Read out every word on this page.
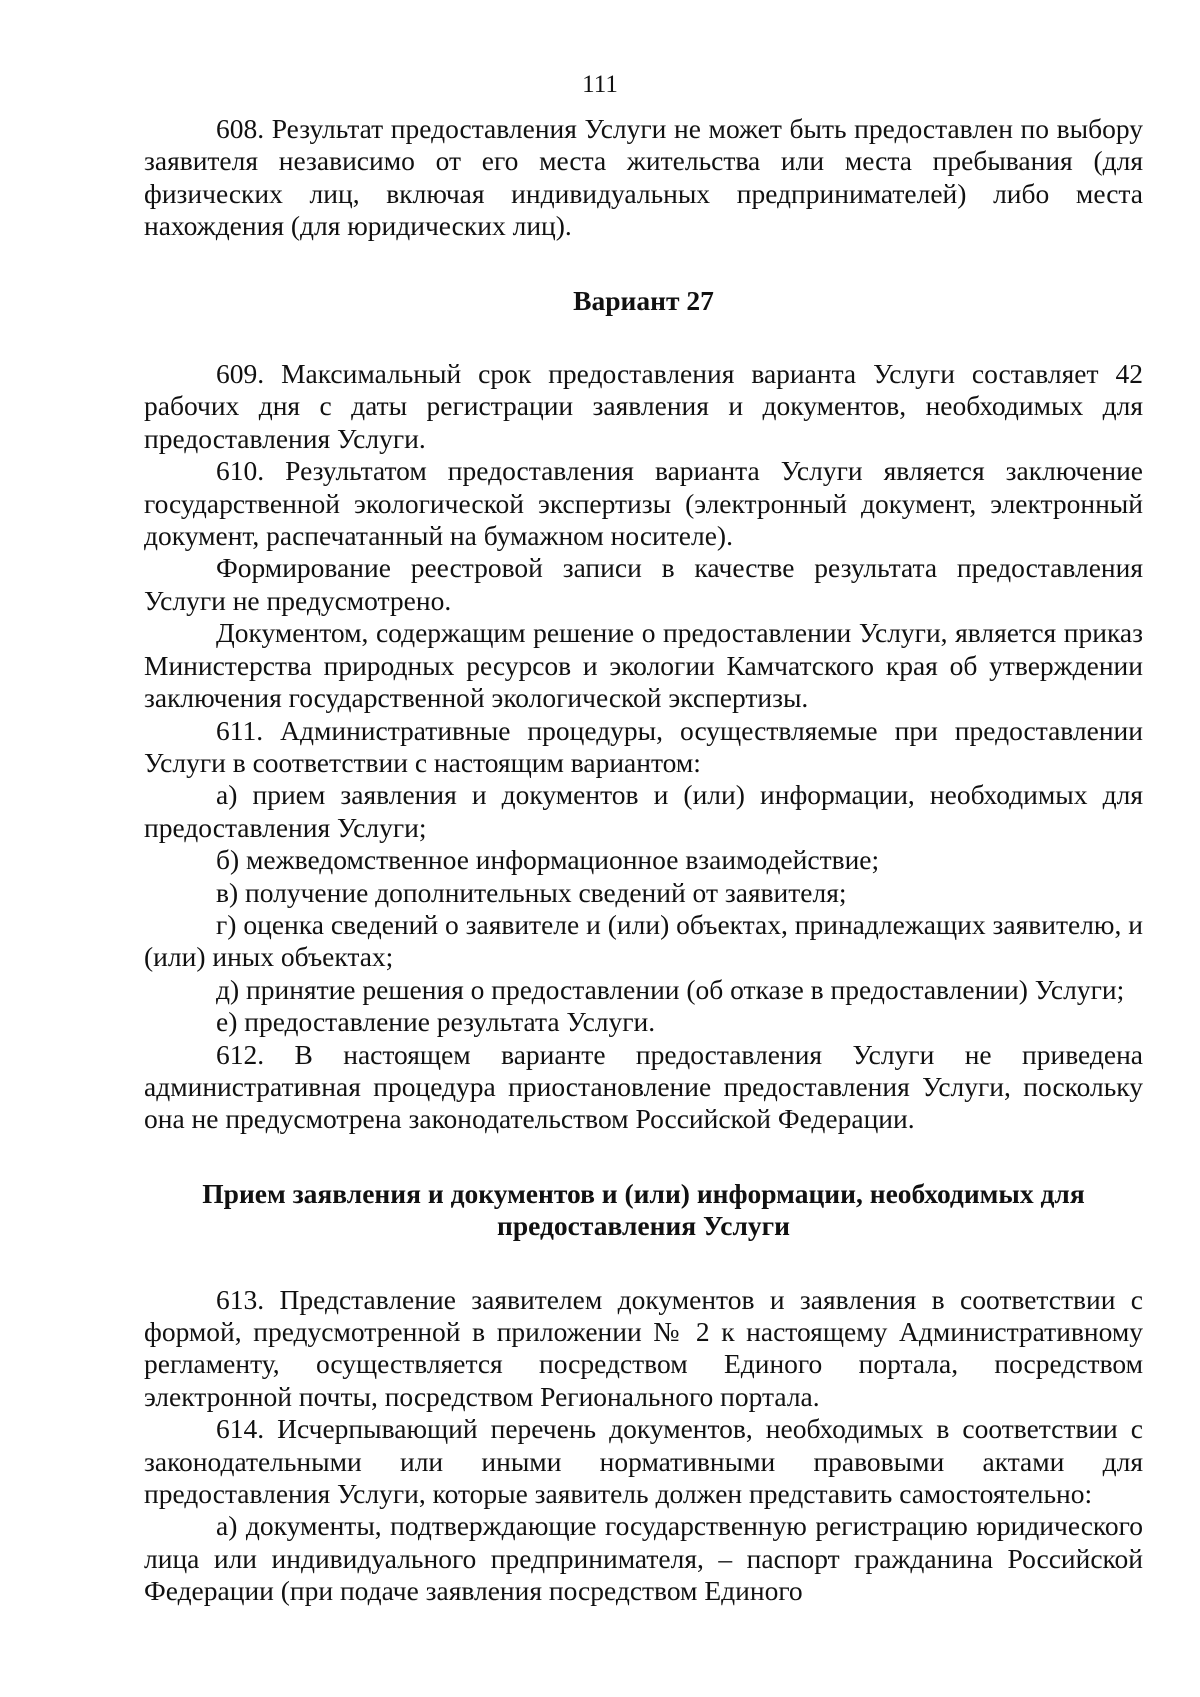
111

608. Результат предоставления Услуги не может быть предоставлен по выбору заявителя независимо от его места жительства или места пребывания (для физических лиц, включая индивидуальных предпринимателей) либо места нахождения (для юридических лиц).

Вариант 27

609. Максимальный срок предоставления варианта Услуги составляет 42 рабочих дня с даты регистрации заявления и документов, необходимых для предоставления Услуги.

610. Результатом предоставления варианта Услуги является заключение государственной экологической экспертизы (электронный документ, электронный документ, распечатанный на бумажном носителе).

Формирование реестровой записи в качестве результата предоставления Услуги не предусмотрено.

Документом, содержащим решение о предоставлении Услуги, является приказ Министерства природных ресурсов и экологии Камчатского края об утверждении заключения государственной экологической экспертизы.

611. Административные процедуры, осуществляемые при предоставлении Услуги в соответствии с настоящим вариантом:

а) прием заявления и документов и (или) информации, необходимых для предоставления Услуги;

б) межведомственное информационное взаимодействие;

в) получение дополнительных сведений от заявителя;

г) оценка сведений о заявителе и (или) объектах, принадлежащих заявителю, и (или) иных объектах;

д) принятие решения о предоставлении (об отказе в предоставлении) Услуги;

е) предоставление результата Услуги.

612. В настоящем варианте предоставления Услуги не приведена административная процедура приостановление предоставления Услуги, поскольку она не предусмотрена законодательством Российской Федерации.

Прием заявления и документов и (или) информации, необходимых для предоставления Услуги

613. Представление заявителем документов и заявления в соответствии с формой, предусмотренной в приложении № 2 к настоящему Административному регламенту, осуществляется посредством Единого портала, посредством электронной почты, посредством Регионального портала.

614. Исчерпывающий перечень документов, необходимых в соответствии с законодательными или иными нормативными правовыми актами для предоставления Услуги, которые заявитель должен представить самостоятельно:

а) документы, подтверждающие государственную регистрацию юридического лица или индивидуального предпринимателя, – паспорт гражданина Российской Федерации (при подаче заявления посредством Единого
